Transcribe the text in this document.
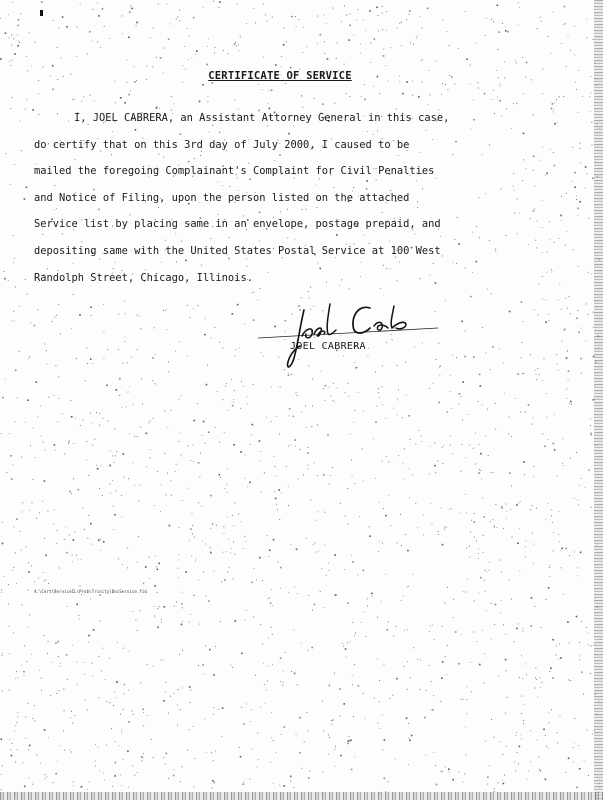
CERTIFICATE OF SERVICE
I, JOEL CABRERA, an Assistant Attorney General in this case,
do certify that on this 3rd day of July 2000, I caused to be
mailed the foregoing Complainant's Complaint for Civil Penalties
and Notice of Filing, upon the person listed on the attached
Service list by placing same in an envelope, postage prepaid, and
depositing same with the United States Postal Service at 100 West
Randolph Street, Chicago, Illinois.
JOEL CABRERA
A:\Cert\ServiceIL\Prob\Trinity\DocService.fid
